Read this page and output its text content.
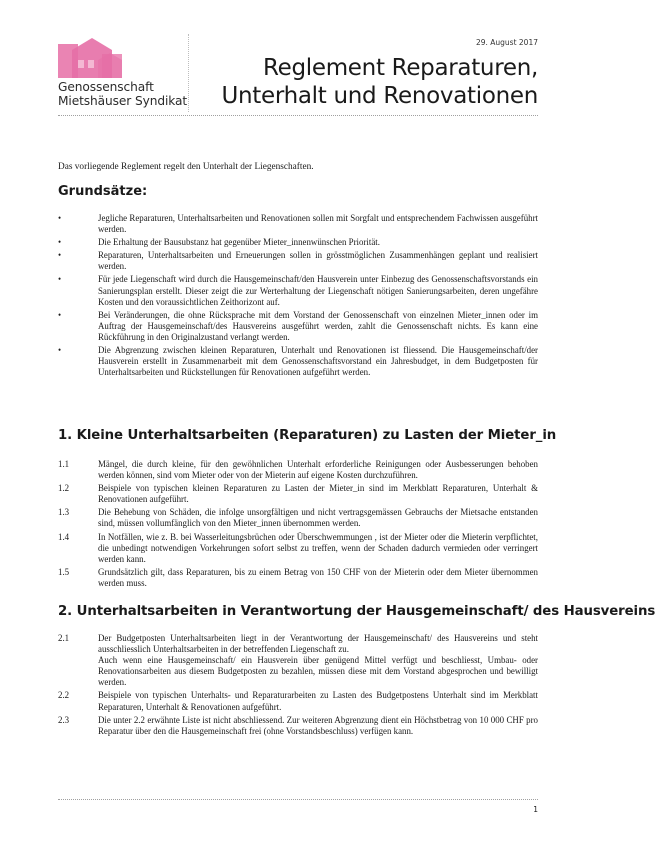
Genossenschaft
Mietshäuser Syndikat
29. August 2017
Reglement Reparaturen,
Unterhalt und Renovationen
Das vorliegende Reglement regelt den Unterhalt der Liegenschaften.
Grundsätze:
•	Jegliche Reparaturen, Unterhaltsarbeiten und Renovationen sollen mit Sorgfalt und entsprechendem Fachwissen ausgeführt werden.
•	Die Erhaltung der Bausubstanz hat gegenüber Mieter_innenwünschen Priorität.
•	Reparaturen, Unterhaltsarbeiten und Erneuerungen sollen in grösstmöglichen Zusammenhängen geplant und realisiert werden.
•	Für jede Liegenschaft wird durch die Hausgemeinschaft/den Hausverein unter Einbezug des Genossenschaftsvorstands ein Sanierungsplan erstellt. Dieser zeigt die zur Werterhaltung der Liegenschaft nötigen Sanierungsarbeiten, deren ungefähre Kosten und den voraussichtlichen Zeithorizont auf.
•	Bei Veränderungen, die ohne Rücksprache mit dem Vorstand der Genossenschaft von einzelnen Mieter_innen oder im Auftrag der Hausgemeinschaft/des Hausvereins ausgeführt werden, zahlt die Genossenschaft nichts. Es kann eine Rückführung in den Originalzustand verlangt werden.
•	Die Abgrenzung zwischen kleinen Reparaturen, Unterhalt und Renovationen ist fliessend. Die Hausgemeinschaft/der Hausverein erstellt in Zusammenarbeit mit dem Genossenschaftsvorstand ein Jahresbudget, in dem Budgetposten für Unterhaltsarbeiten und Rückstellungen für Renovationen aufgeführt werden.
1. Kleine Unterhaltsarbeiten (Reparaturen) zu Lasten der Mieter_in
1.1	Mängel, die durch kleine, für den gewöhnlichen Unterhalt erforderliche Reinigungen oder Ausbesserungen behoben werden können, sind vom Mieter oder von der Mieterin auf eigene Kosten durchzuführen.
1.2	Beispiele von typischen kleinen Reparaturen zu Lasten der Mieter_in sind im Merkblatt Reparaturen, Unterhalt & Renovationen aufgeführt.
1.3	Die Behebung von Schäden, die infolge unsorgfältigen und nicht vertragsgemässen Gebrauchs der Mietsache entstanden sind, müssen vollumfänglich von den Mieter_innen übernommen werden.
1.4	In Notfällen, wie z. B. bei Wasserleitungsbrüchen oder Überschwemmungen , ist der Mieter oder die Mieterin verpflichtet, die unbedingt notwendigen Vorkehrungen sofort selbst zu treffen, wenn der Schaden dadurch vermieden oder verringert werden kann.
1.5	Grundsätzlich gilt, dass Reparaturen, bis zu einem Betrag von 150 CHF von der Mieterin oder dem Mieter übernommen werden muss.
2. Unterhaltsarbeiten in Verantwortung der Hausgemeinschaft/ des Hausvereins
2.1	Der Budgetposten Unterhaltsarbeiten liegt in der Verantwortung der Hausgemeinschaft/ des Hausvereins und steht ausschliesslich Unterhaltsarbeiten in der betreffenden Liegenschaft zu.
Auch wenn eine Hausgemeinschaft/ ein Hausverein über genügend Mittel verfügt und beschliesst, Umbau- oder Renovationsarbeiten aus diesem Budgetposten zu bezahlen, müssen diese mit dem Vorstand abgesprochen und bewilligt werden.
2.2	Beispiele von typischen Unterhalts- und Reparaturarbeiten zu Lasten des Budgetpostens Unterhalt sind im Merkblatt Reparaturen, Unterhalt & Renovationen aufgeführt.
2.3	Die unter 2.2 erwähnte Liste ist nicht abschliessend. Zur weiteren Abgrenzung dient ein Höchstbetrag von 10 000 CHF pro Reparatur über den die Hausgemeinschaft frei (ohne Vorstandsbeschluss) verfügen kann.
1
